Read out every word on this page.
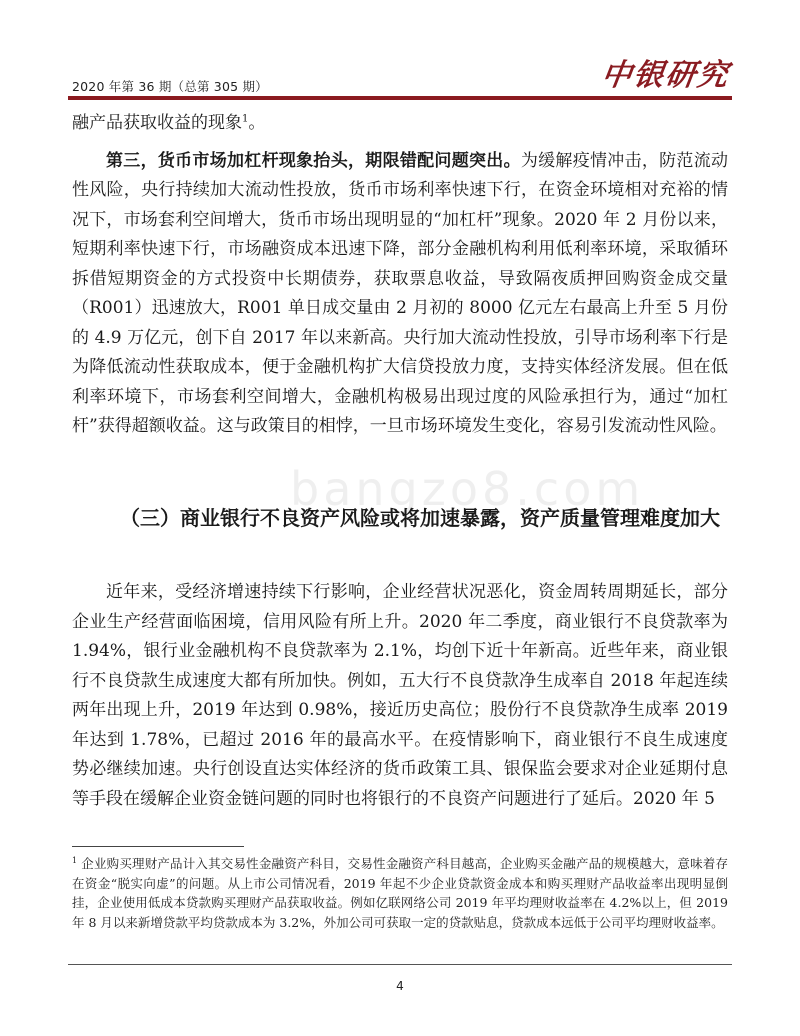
2020 年第 36 期（总第 305 期）	中银研究
bangzo8.com

融产品获取收益的现象$^1$。

第三，货币市场加杠杆现象抬头，期限错配问题突出。为缓解疫情冲击，防范流动性风险，央行持续加大流动性投放，货币市场利率快速下行，在资金环境相对充裕的情况下，市场套利空间增大，货币市场出现明显的“加杠杆”现象。2020 年 2 月份以来，短期利率快速下行，市场融资成本迅速下降，部分金融机构利用低利率环境，采取循环拆借短期资金的方式投资中长期债券，获取票息收益，导致隔夜质押回购资金成交量（R001）迅速放大，R001 单日成交量由 2 月初的 8000 亿元左右最高上升至 5 月份的 4.9 万亿元，创下自 2017 年以来新高。央行加大流动性投放，引导市场利率下行是为降低流动性获取成本，便于金融机构扩大信贷投放力度，支持实体经济发展。但在低利率环境下，市场套利空间增大，金融机构极易出现过度的风险承担行为，通过“加杠杆”获得超额收益。这与政策目的相悖，一旦市场环境发生变化，容易引发流动性风险。

（三）商业银行不良资产风险或将加速暴露，资产质量管理难度加大

近年来，受经济增速持续下行影响，企业经营状况恶化，资金周转周期延长，部分企业生产经营面临困境，信用风险有所上升。2020 年二季度，商业银行不良贷款率为 1.94%，银行业金融机构不良贷款率为 2.1%，均创下近十年新高。近些年来，商业银行不良贷款生成速度大都有所加快。例如，五大行不良贷款净生成率自 2018 年起连续两年出现上升，2019 年达到 0.98%，接近历史高位；股份行不良贷款净生成率 2019 年达到 1.78%，已超过 2016 年的最高水平。在疫情影响下，商业银行不良生成速度势必继续加速。央行创设直达实体经济的货币政策工具、银保监会要求对企业延期付息等手段在缓解企业资金链问题的同时也将银行的不良资产问题进行了延后。2020 年 5

$^1$ 企业购买理财产品计入其交易性金融资产科目，交易性金融资产科目越高，企业购买金融产品的规模越大，意味着存在资金“脱实向虚”的问题。从上市公司情况看，2019 年起不少企业贷款资金成本和购买理财产品收益率出现明显倒挂，企业使用低成本贷款购买理财产品获取收益。例如亿联网络公司 2019 年平均理财收益率在 4.2%以上，但 2019 年 8 月以来新增贷款平均贷款成本为 3.2%，外加公司可获取一定的贷款贴息，贷款成本远低于公司平均理财收益率。
4
